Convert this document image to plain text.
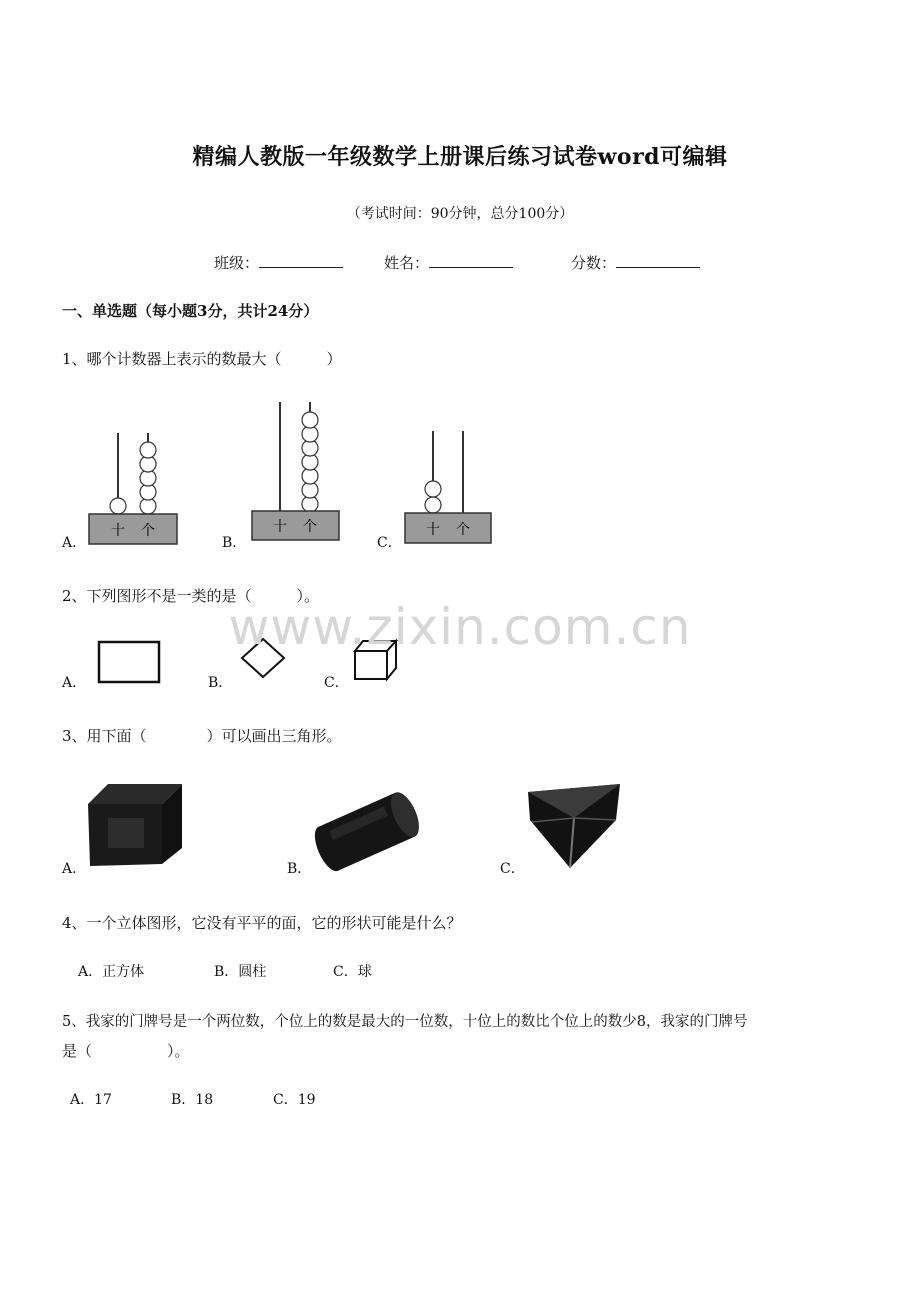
精编人教版一年级数学上册课后练习试卷word可编辑
（考试时间：90分钟，总分100分）
班级：	姓名：	分数：
一、单选题（每小题3分，共计24分）
1、哪个计数器上表示的数最大（　　　）
A．	B．	C．
十 个	十 个	十 个
2、下列图形不是一类的是（　　　）。
A．	B．	C．
www.zixin.com.cn
3、用下面（　　　　）可以画出三角形。
A．	B．	C．
4、一个立体图形，它没有平平的面，它的形状可能是什么？
A．正方体	B．圆柱	C．球
5、我家的门牌号是一个两位数，个位上的数是最大的一位数，十位上的数比个位上的数少8，我家的门牌号
是（　　　　　）。
A．17	B．18	C．19
